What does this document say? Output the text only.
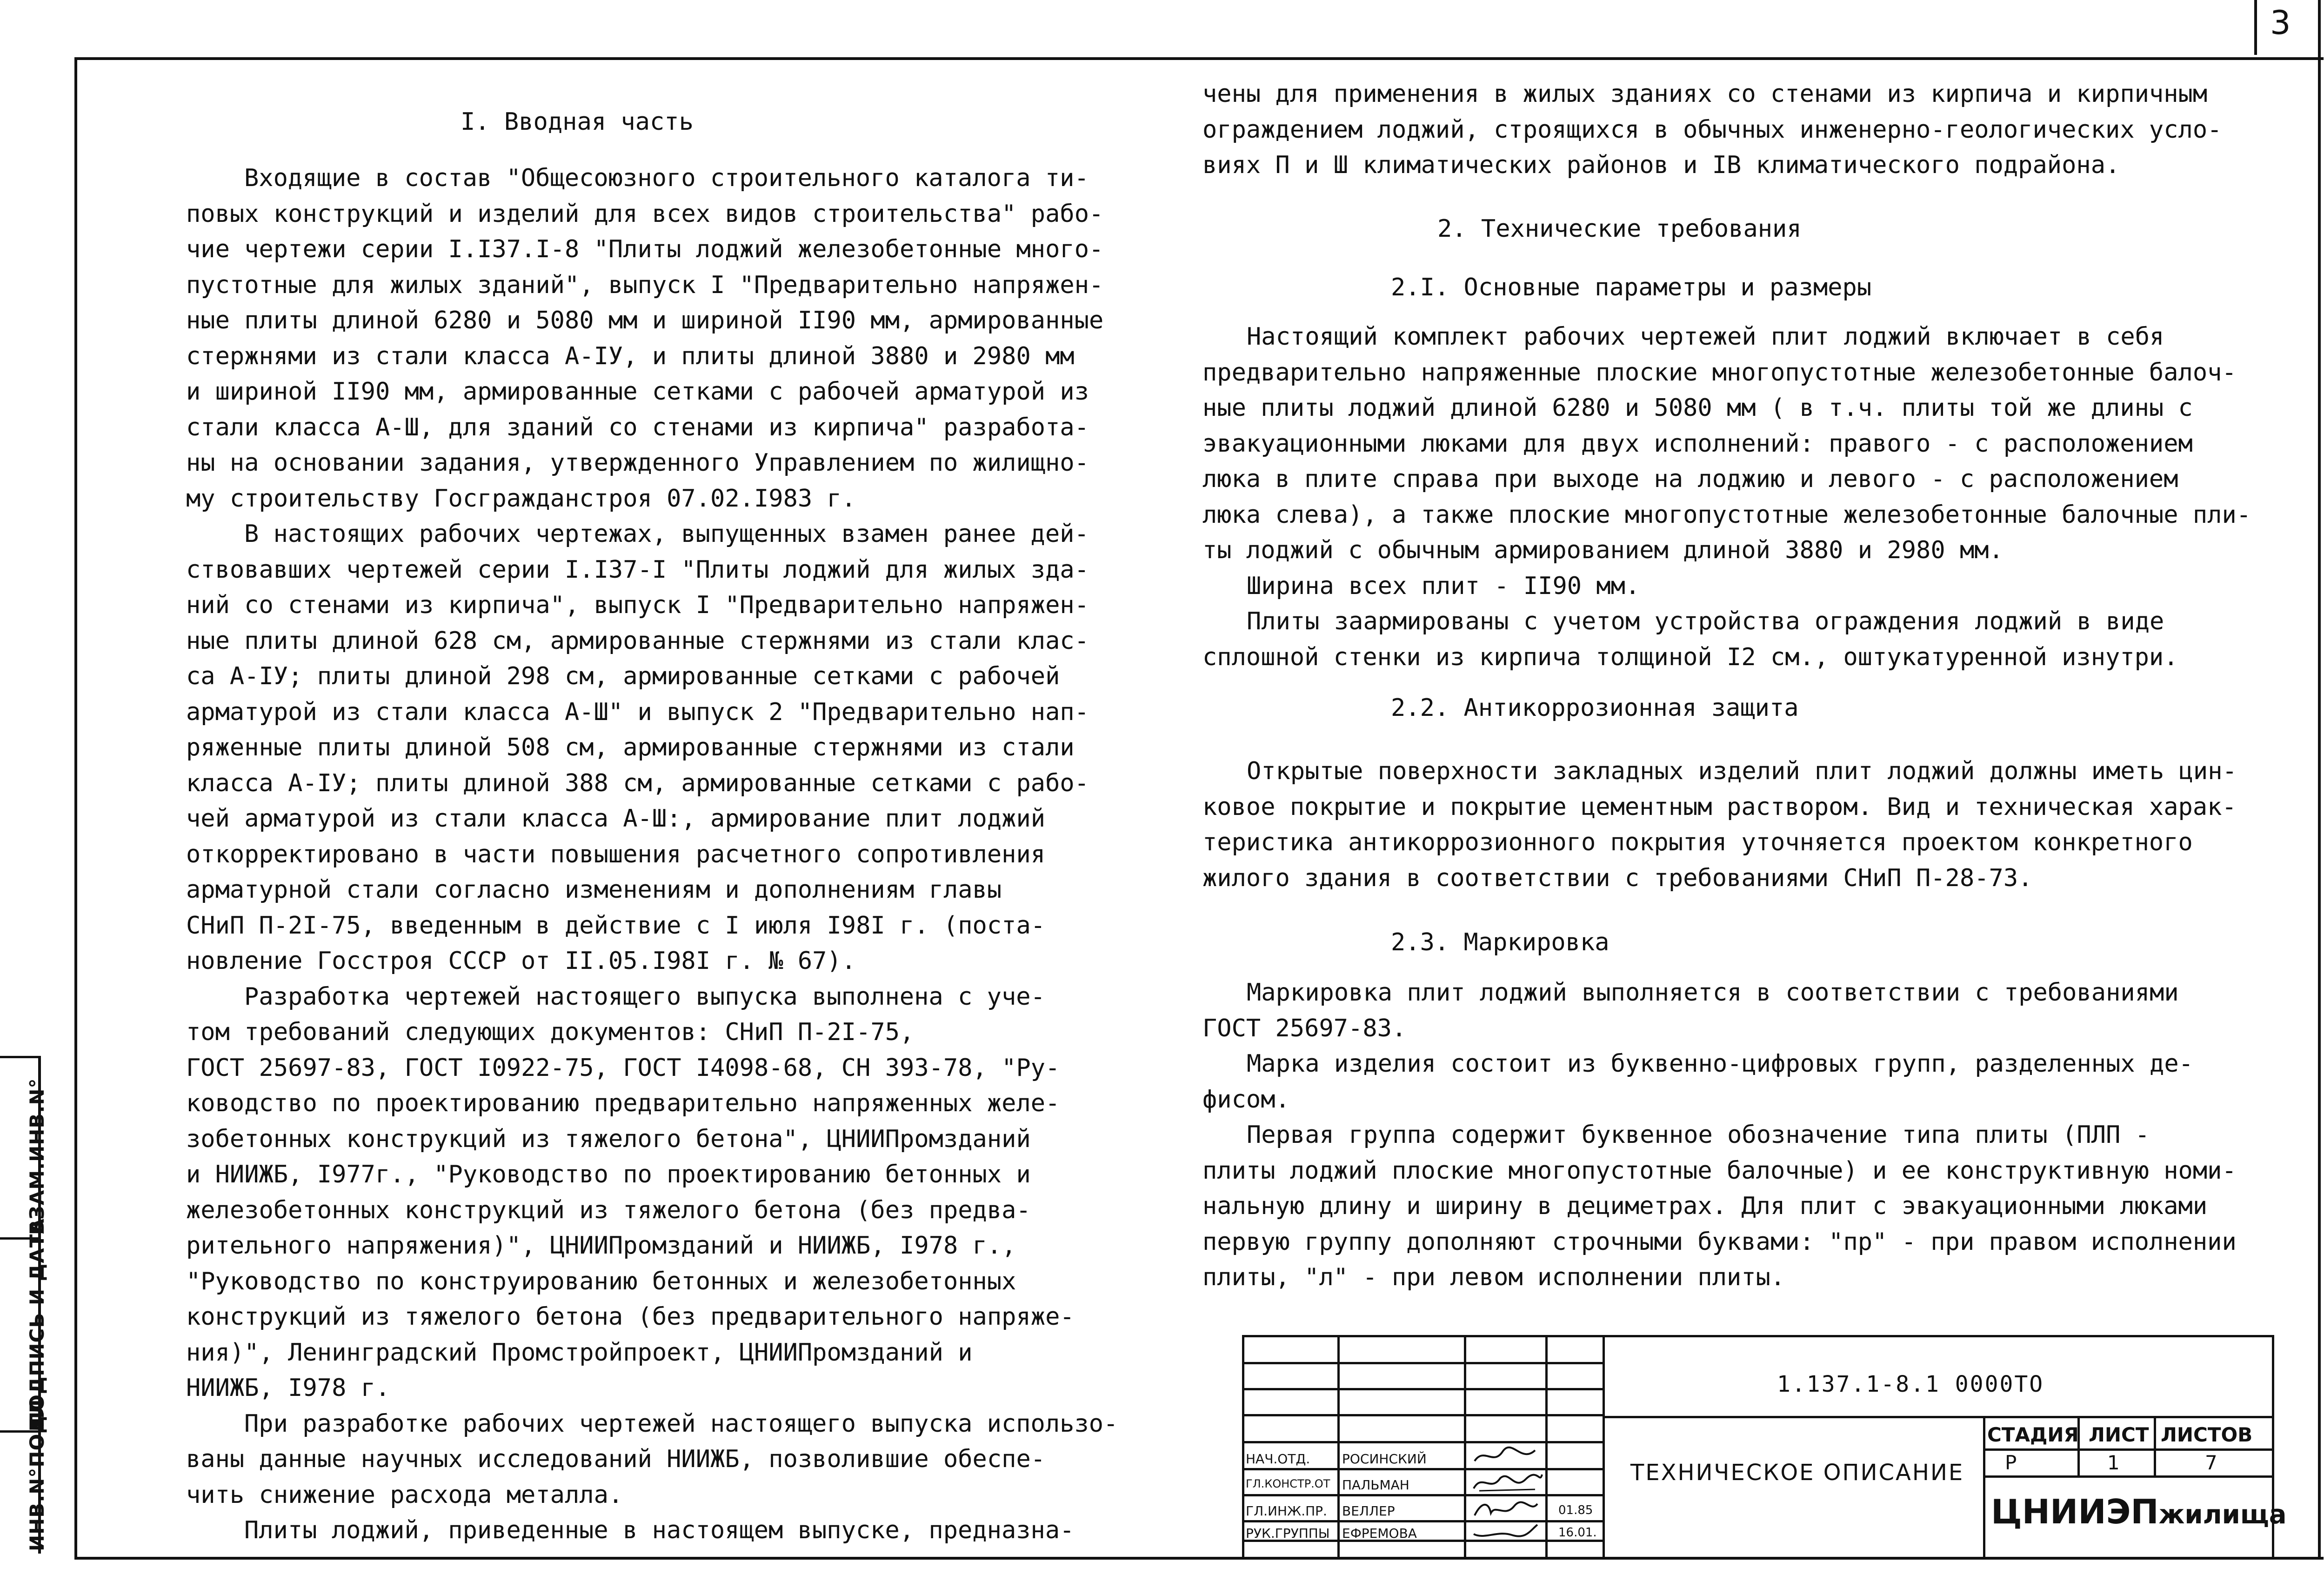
3
ВЗАМ.ИНВ.N°
ПОДПИСЬ И ДАТА
ИНВ.N°ПОДЛ
I. Вводная часть

Входящие в состав "Общесоюзного строительного каталога ти-
повых конструкций и изделий для всех видов строительства" рабо-
чие чертежи серии I.I37.I-8 "Плиты лоджий железобетонные много-
пустотные для жилых зданий", выпуск I "Предварительно напряжен-
ные плиты длиной 6280 и 5080 мм и шириной II90 мм, армированные
стержнями из стали класса А-IУ, и плиты длиной 3880 и 2980 мм
и шириной II90 мм, армированные сетками с рабочей арматурой из
стали класса А-Ш, для зданий со стенами из кирпича" разработа-
ны на основании задания, утвержденного Управлением по жилищно-
му строительству Госгражданстроя 07.02.I983 г.

В настоящих рабочих чертежах, выпущенных взамен ранее дей-
ствовавших чертежей серии I.I37-I "Плиты лоджий для жилых зда-
ний со стенами из кирпича", выпуск I "Предварительно напряжен-
ные плиты длиной 628 см, армированные стержнями из стали клас-
са А-IУ; плиты длиной 298 см, армированные сетками с рабочей
арматурой из стали класса А-Ш" и выпуск 2 "Предварительно нап-
ряженные плиты длиной 508 см, армированные стержнями из стали
класса А-IУ; плиты длиной 388 см, армированные сетками с рабо-
чей арматурой из стали класса А-Ш:, армирование плит лоджий
откорректировано в части повышения расчетного сопротивления
арматурной стали согласно изменениям и дополнениям главы
СНиП П-2I-75, введенным в действие с I июля I98I г. (поста-
новление Госстроя СССР от II.05.I98I г. № 67).

Разработка чертежей настоящего выпуска выполнена с уче-
том требований следующих документов: СНиП П-2I-75,
ГОСТ 25697-83, ГОСТ I0922-75, ГОСТ I4098-68, СН 393-78, "Ру-
ководство по проектированию предварительно напряженных желе-
зобетонных конструкций из тяжелого бетона", ЦНИИПромзданий
и НИИЖБ, I977г., "Руководство по проектированию бетонных и
железобетонных конструкций из тяжелого бетона (без предва-
рительного напряжения)", ЦНИИПромзданий и НИИЖБ, I978 г.,
"Руководство по конструированию бетонных и железобетонных
конструкций из тяжелого бетона (без предварительного напряже-
ния)", Ленинградский Промстройпроект, ЦНИИПромзданий и
НИИЖБ, I978 г.

При разработке рабочих чертежей настоящего выпуска использо-
ваны данные научных исследований НИИЖБ, позволившие обеспе-
чить снижение расхода металла.

Плиты лоджий, приведенные в настоящем выпуске, предназна-

чены для применения в жилых зданиях со стенами из кирпича и кирпичным
ограждением лоджий, строящихся в обычных инженерно-геологических усло-
виях П и Ш климатических районов и IВ климатического подрайона.
2. Технические требования
2.I. Основные параметры и размеры
Настоящий комплект рабочих чертежей плит лоджий включает в себя
предварительно напряженные плоские многопустотные железобетонные балоч-
ные плиты лоджий длиной 6280 и 5080 мм ( в т.ч. плиты той же длины с
эвакуационными люками для двух исполнений: правого - с расположением
люка в плите справа при выходе на лоджию и левого - с расположением
люка слева), а также плоские многопустотные железобетонные балочные пли-
ты лоджий с обычным армированием длиной 3880 и 2980 мм.
Ширина всех плит - II90 мм.
Плиты заармированы с учетом устройства ограждения лоджий в виде
сплошной стенки из кирпича толщиной I2 см., оштукатуренной изнутри.
2.2. Антикоррозионная защита
Открытые поверхности закладных изделий плит лоджий должны иметь цин-
ковое покрытие и покрытие цементным раствором. Вид и техническая харак-
теристика антикоррозионного покрытия уточняется проектом конкретного
жилого здания в соответствии с требованиями СНиП П-28-73.
2.3. Маркировка
Маркировка плит лоджий выполняется в соответствии с требованиями
ГОСТ 25697-83.
Марка изделия состоит из буквенно-цифровых групп, разделенных де-
фисом.
Первая группа содержит буквенное обозначение типа плиты (ПЛП -
плиты лоджий плоские многопустотные балочные) и ее конструктивную номи-
нальную длину и ширину в дециметрах. Для плит с эвакуационными люками
первую группу дополняют строчными буквами: "пр" - при правом исполнении
плиты, "л" - при левом исполнении плиты.
1.137.1-8.1 0000ТО
ТЕХНИЧЕСКОЕ ОПИСАНИЕ
СТАДИЯ ЛИСТ ЛИСТОВ
Р	1	7
ЦНИИЭПжилища
НАЧ.ОТД. РОСИНСКИЙ
ГЛ.КОНСТР.ОТ ПАЛЬМАН
ГЛ.ИНЖ.ПР. ВЕЛЛЕР	01.85
РУК.ГРУППЫ ЕФРЕМОВА	16.01.
